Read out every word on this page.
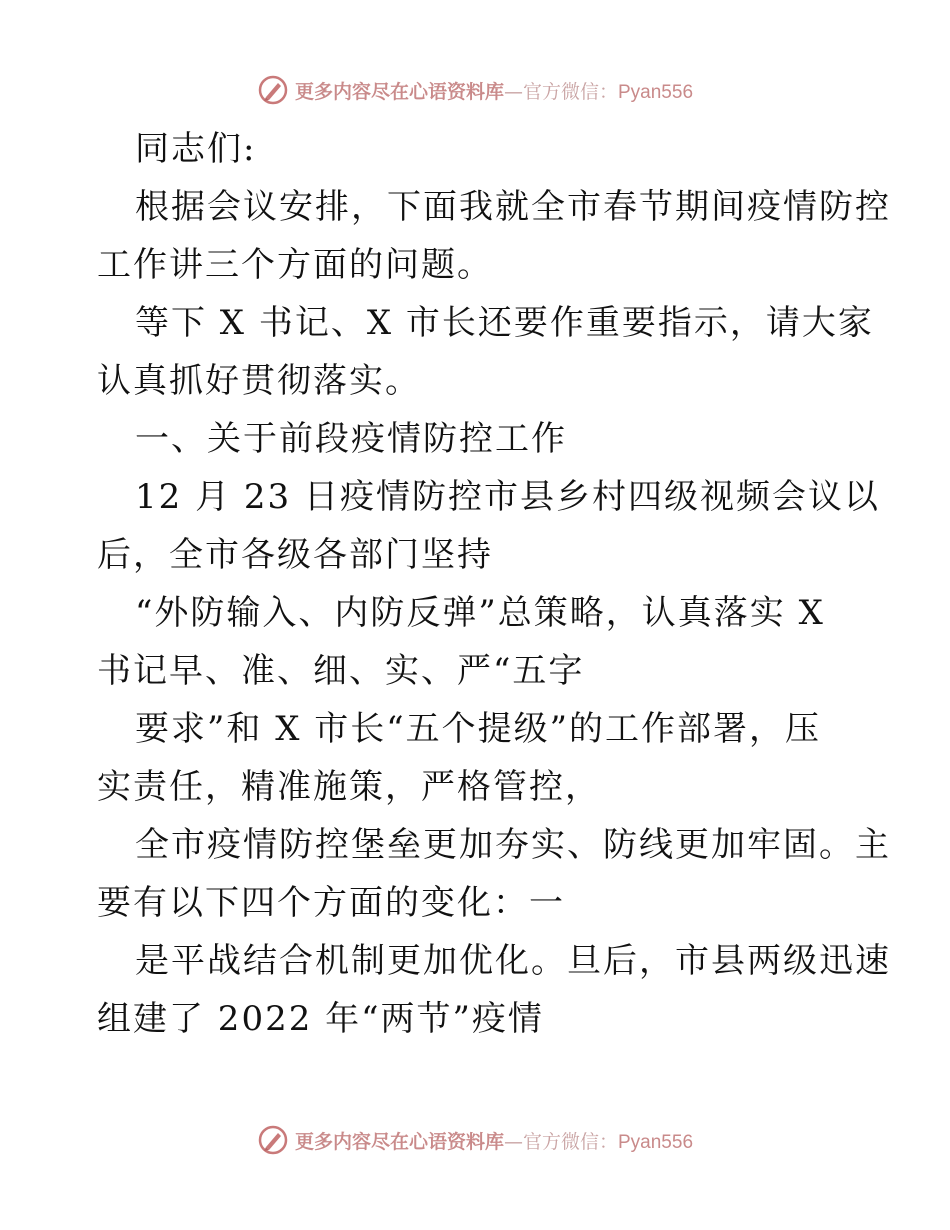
更多内容尽在心语资料库—官方微信：Pyan556
同志们:
根据会议安排，下面我就全市春节期间疫情防控
工作讲三个方面的问题。
等下 X 书记、X 市长还要作重要指示，请大家
认真抓好贯彻落实。
一、关于前段疫情防控工作
12 月 23 日疫情防控市县乡村四级视频会议以
后，全市各级各部门坚持
“外防输入、内防反弹”总策略，认真落实 X
书记早、准、细、实、严“五字
要求”和 X 市长“五个提级”的工作部署，压
实责任，精准施策，严格管控，
全市疫情防控堡垒更加夯实、防线更加牢固。主
要有以下四个方面的变化：一
是平战结合机制更加优化。旦后，市县两级迅速
组建了 2022 年“两节”疫情
更多内容尽在心语资料库—官方微信：Pyan556
